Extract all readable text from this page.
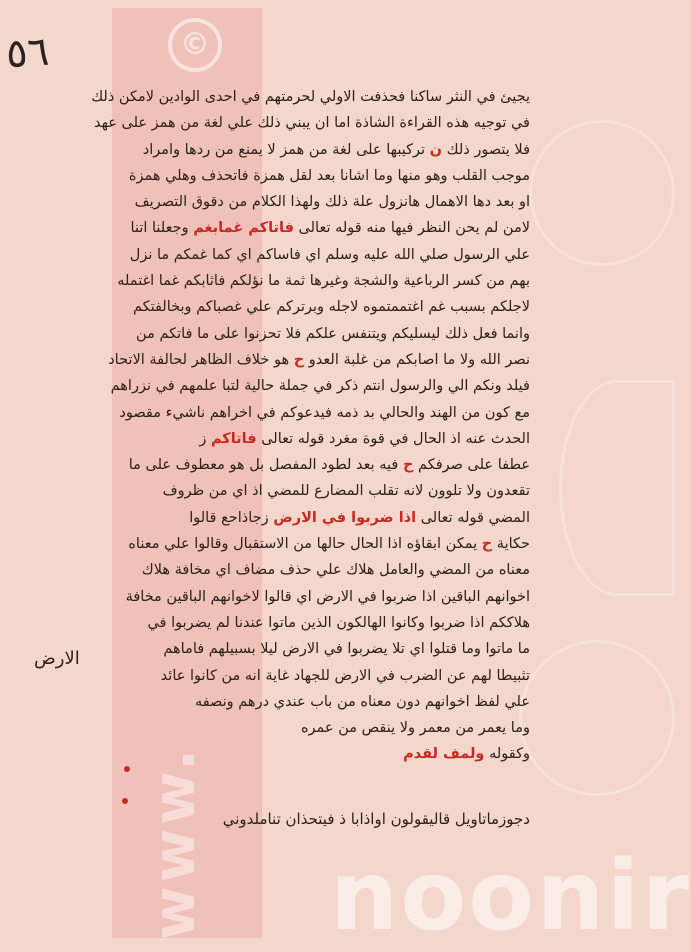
©
www.
٥٦
يجيئ في النثر ساكنا فحذفت الاولي لحرمتهم في احدى الوادين لامكن ذلك
في توجيه هذه القراءة الشاذة اما ان يبني ذلك علي لغة من همز على عهد
فلا يتصور ذلك ن تركيبها على لغة من همز لا يمنع من ردها وامراد
موجب القلب وهو منها وما اشانا بعد لقل همزة فاتحذف وهلي همزة
او بعد دها الاهمال هانزول علة ذلك ولهذا الكلام من دقوق التصريف
لامن لم يحن النظر فيها منه قوله تعالى فاتاكم غمابغم وجعلنا اتنا
علي الرسول صلي الله عليه وسلم اي فاساكم اي كما غمكم ما نزل
بهم من كسر الرباعية والشجة وغيرها ثمة ما نؤلكم فاثابكم غما اغتمله
لاجلكم بسبب غم اغتممتموه لاجله وبرتركم علي غصباكم وبخالفتكم
وانما فعل ذلك ليسليكم ويتنفس علكم فلا تحزنوا على ما فاتكم من
نصر الله ولا ما اصابكم من غلبة العدو ح هو خلاف الظاهر لحالفة الاتحاد
فيلد ونكم الي والرسول انتم ذكر في جملة حالية لتبا علمهم في نزراهم
مع كون من الهند والحالي بد ذمه فيدعوكم في اخراهم ناشيء مقصود
الحدث عنه اذ الحال في قوة مغرد قوله تعالى فاتاكم ز
عطفا على صرفكم ح فيه بعد لطود المفصل بل هو معطوف على ما
تقعدون ولا تلوون لانه تقلب المضارع للمضي اذ اي من ظروف
المضي قوله تعالى اذا ضربوا في الارض زجاذاحع قالوا
حكاية ح يمكن ابقاؤه اذا الحال حالها من الاستقبال وقالوا علي معناه
معناه من المضي والعامل هلاك علي حذف مضاف اي مخافة هلاك
اخوانهم الباقين اذا ضربوا في الارض اي قالوا لاخوانهم الباقين مخافة
هلاككم اذا ضربوا وكانوا الهالكون الذين ماتوا عندنا لم يضربوا في
ما ماتوا وما قتلوا اي تلا يضربوا في الارض ليلا بسبيلهم فاماهم
تثبيطا لهم عن الضرب في الارض للجهاد غاية انه من كانوا عائد
علي لفظ اخوانهم دون معناه من باب عندي درهم ونصفه
وما يعمر من معمر ولا ينقص من عمره
وكقوله ولمف لقدم
دجوزماتاويل قاليقولون اواذابا ذ فيتحذان تناملدوني
الارض
noonir
